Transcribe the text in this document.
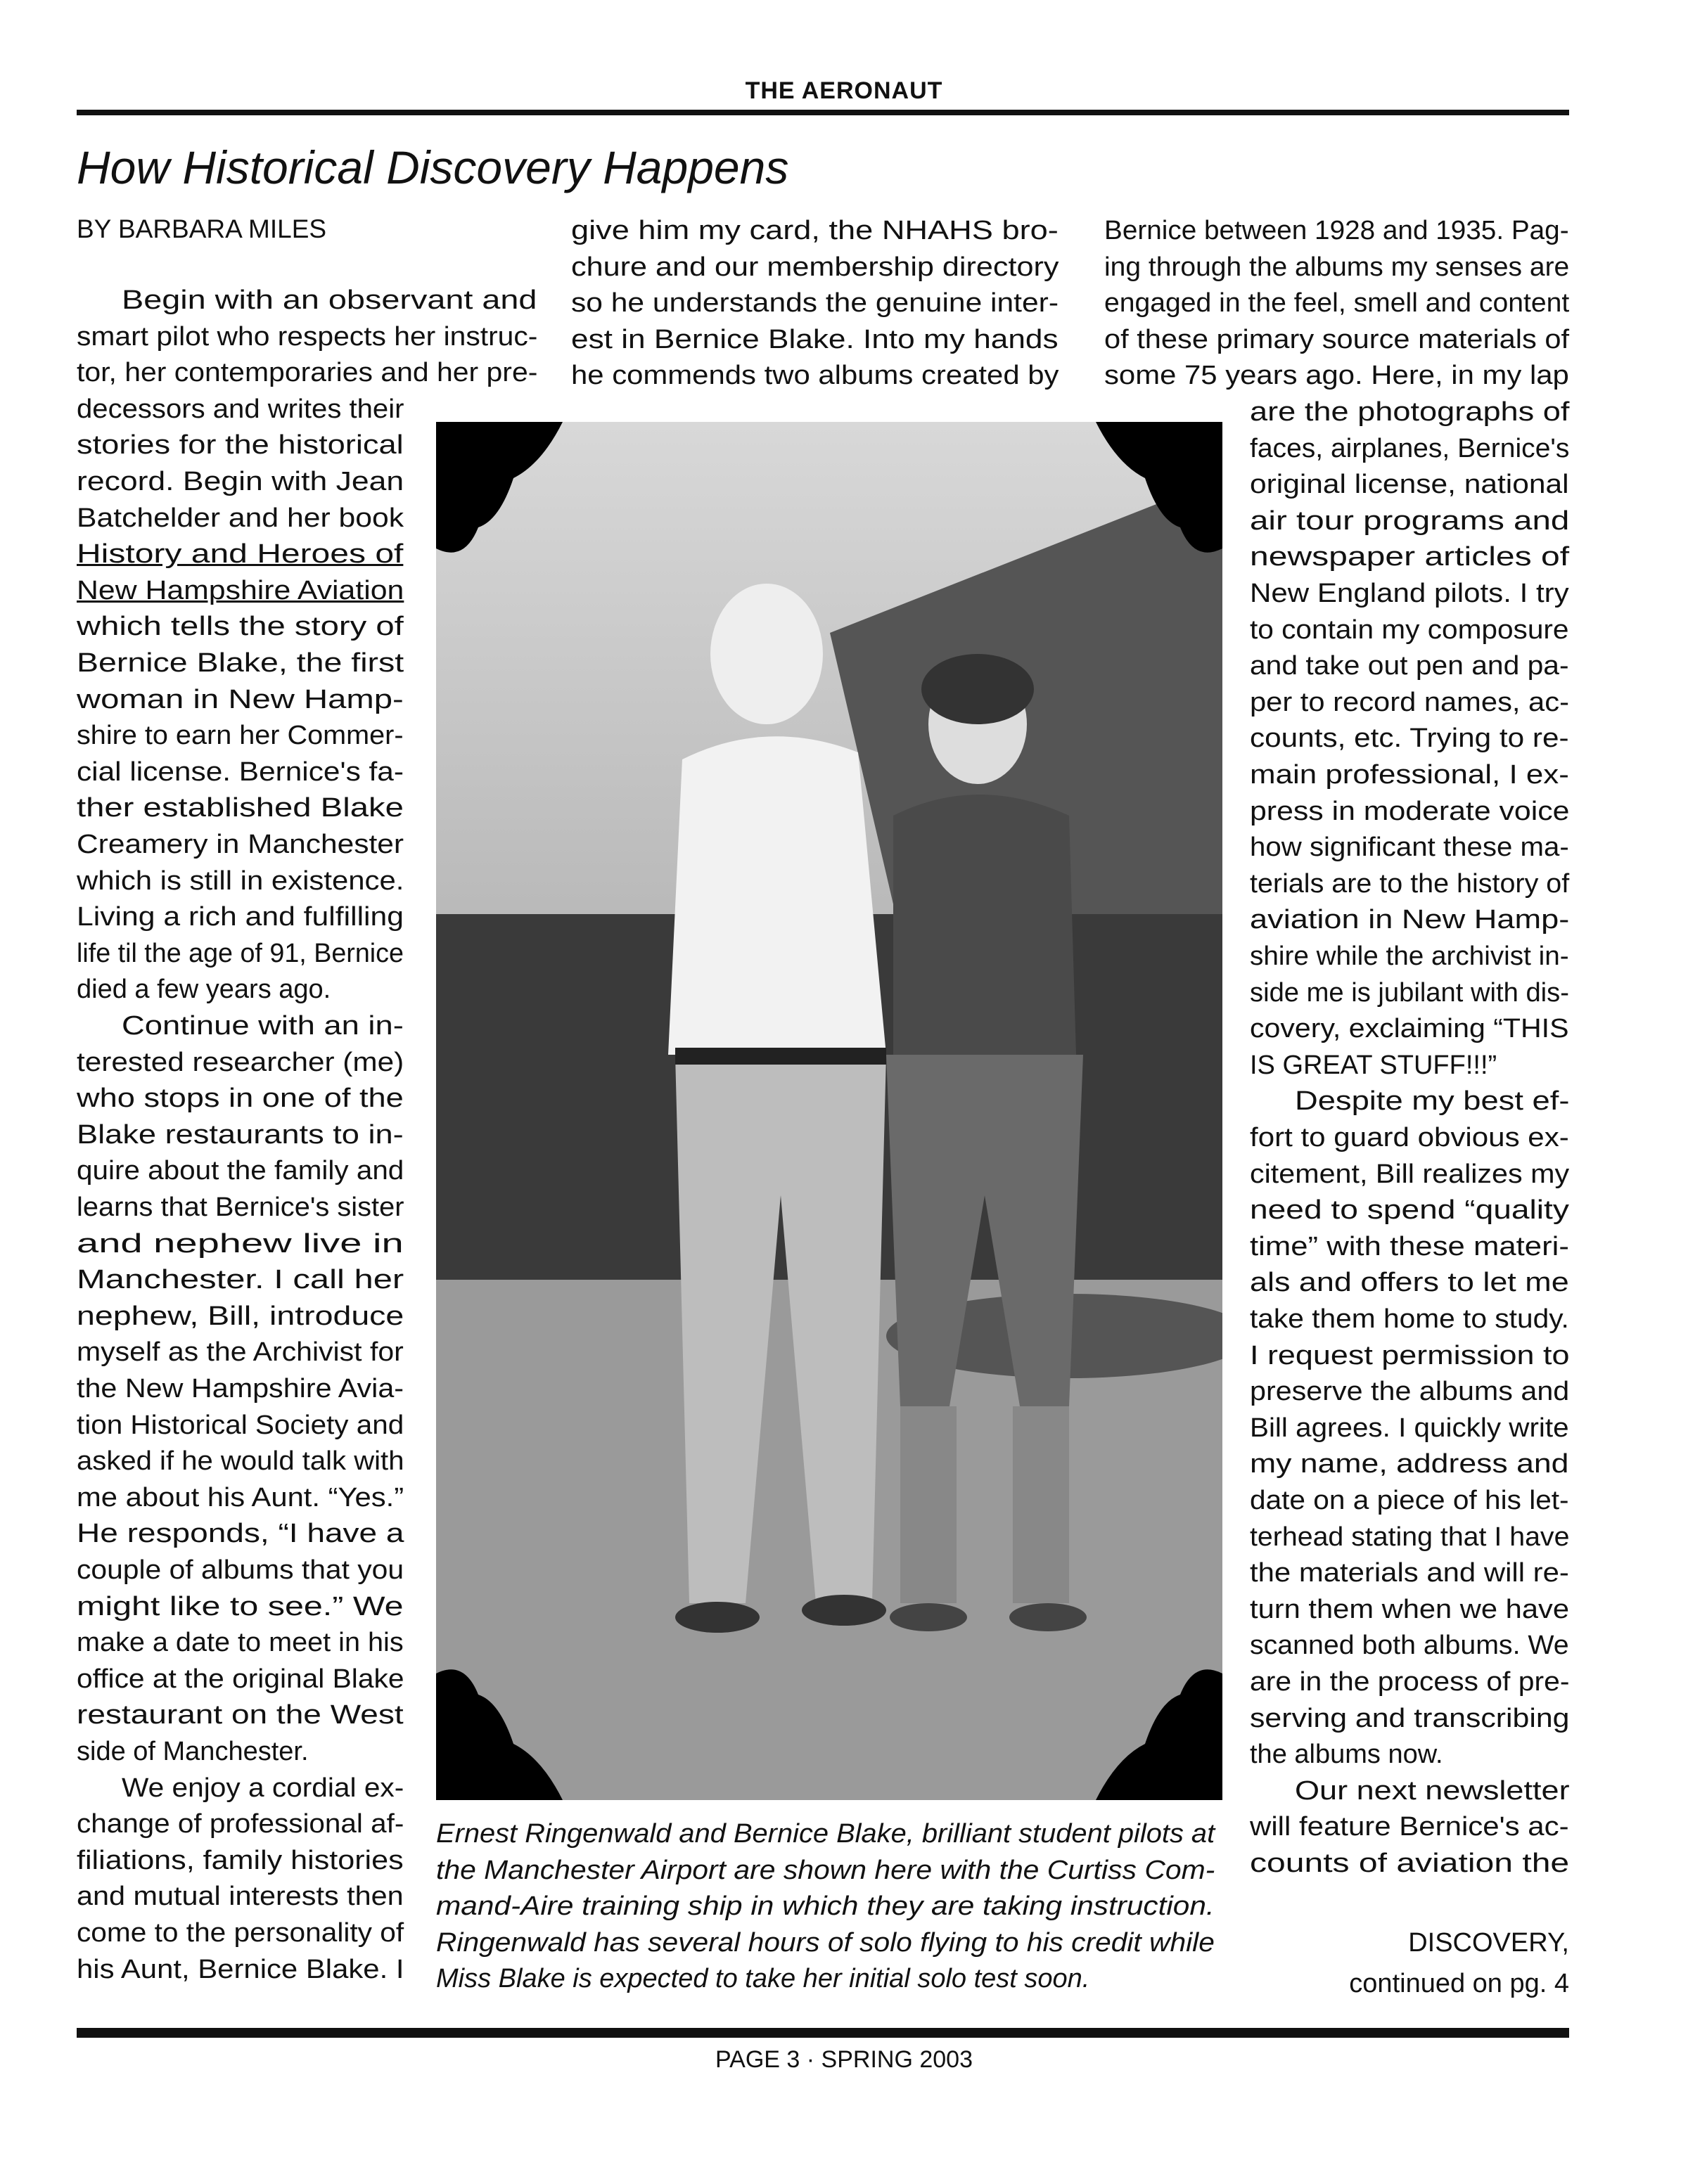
THE AERONAUT
How Historical Discovery Happens
BY BARBARA MILES
Begin with an observant and
smart pilot who respects her instruc-
tor, her contemporaries and her pre-
decessors and writes their
stories for the historical
record. Begin with Jean
Batchelder and her book
History and Heroes of
New Hampshire Aviation
which tells the story of
Bernice Blake, the first
woman in New Hamp-
shire to earn her Commer-
cial license. Bernice's fa-
ther established Blake
Creamery in Manchester
which is still in existence.
Living a rich and fulfilling
life til the age of 91, Bernice
died a few years ago.
Continue with an in-
terested researcher (me)
who stops in one of the
Blake restaurants to in-
quire about the family and
learns that Bernice's sister
and nephew live in
Manchester. I call her
nephew, Bill, introduce
myself as the Archivist for
the New Hampshire Avia-
tion Historical Society and
asked if he would talk with
me about his Aunt. “Yes.”
He responds, “I have a
couple of albums that you
might like to see.” We
make a date to meet in his
office at the original Blake
restaurant on the West
side of Manchester.
We enjoy a cordial ex-
change of professional af-
filiations, family histories
and mutual interests then
come to the personality of
his Aunt, Bernice Blake. I
give him my card, the NHAHS bro-
chure and our membership directory
so he understands the genuine inter-
est in Bernice Blake. Into my hands
he commends two albums created by
Bernice between 1928 and 1935. Pag-
ing through the albums my senses are
engaged in the feel, smell and content
of these primary source materials of
some 75 years ago. Here, in my lap
are the photographs of
faces, airplanes, Bernice's
original license, national
air tour programs and
newspaper articles of
New England pilots. I try
to contain my composure
and take out pen and pa-
per to record names, ac-
counts, etc. Trying to re-
main professional, I ex-
press in moderate voice
how significant these ma-
terials are to the history of
aviation in New Hamp-
shire while the archivist in-
side me is jubilant with dis-
covery, exclaiming “THIS
IS GREAT STUFF!!!”
Despite my best ef-
fort to guard obvious ex-
citement, Bill realizes my
need to spend “quality
time” with these materi-
als and offers to let me
take them home to study.
I request permission to
preserve the albums and
Bill agrees. I quickly write
my name, address and
date on a piece of his let-
terhead stating that I have
the materials and will re-
turn them when we have
scanned both albums. We
are in the process of pre-
serving and transcribing
the albums now.
Our next newsletter
will feature Bernice's ac-
counts of aviation the
DISCOVERY,
continued on pg. 4
Ernest Ringenwald and Bernice Blake, brilliant student pilots at
the Manchester Airport are shown here with the Curtiss Com-
mand-Aire training ship in which they are taking instruction.
Ringenwald has several hours of solo flying to his credit while
Miss Blake is expected to take her initial solo test soon.
PAGE 3 · SPRING 2003
